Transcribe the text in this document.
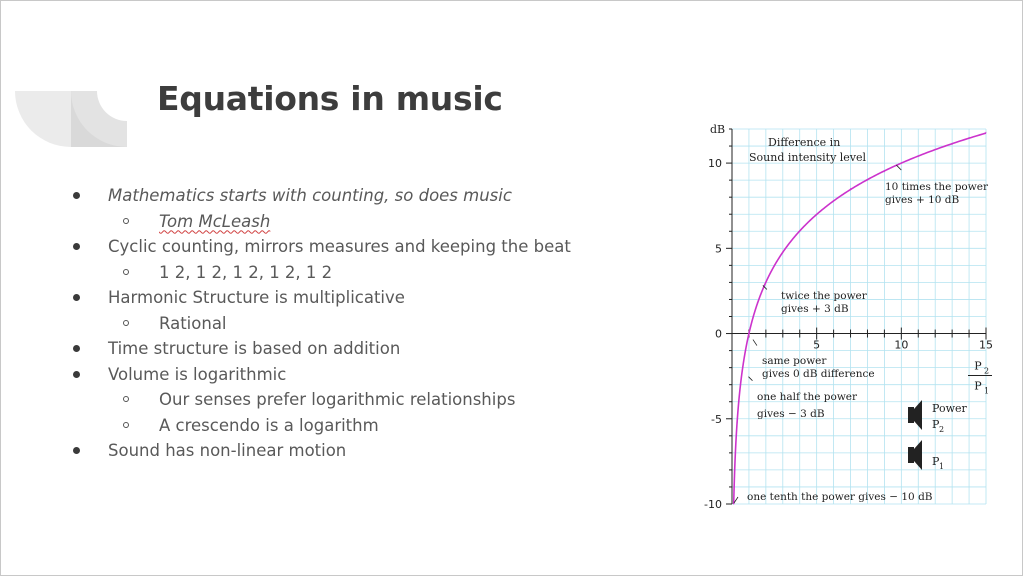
Equations in music
Mathematics starts with counting, so does music
Tom McLeash
Cyclic counting, mirrors measures and keeping the beat
1 2, 1 2, 1 2, 1 2, 1 2
Harmonic Structure is multiplicative
Rational
Time structure is based on addition
Volume is logarithmic
Our senses prefer logarithmic relationships
A crescendo is a logarithm
Sound has non-linear motion
-10
-5
0
5
10
5	10	15
dB
P 2
P 1
Difference in
Sound intensity level
10 times the power
gives + 10 dB
twice the power
gives + 3 dB
same power
gives 0 dB difference
one half the power
gives − 3 dB
one tenth the power gives − 10 dB
Power
P 2
P 1
